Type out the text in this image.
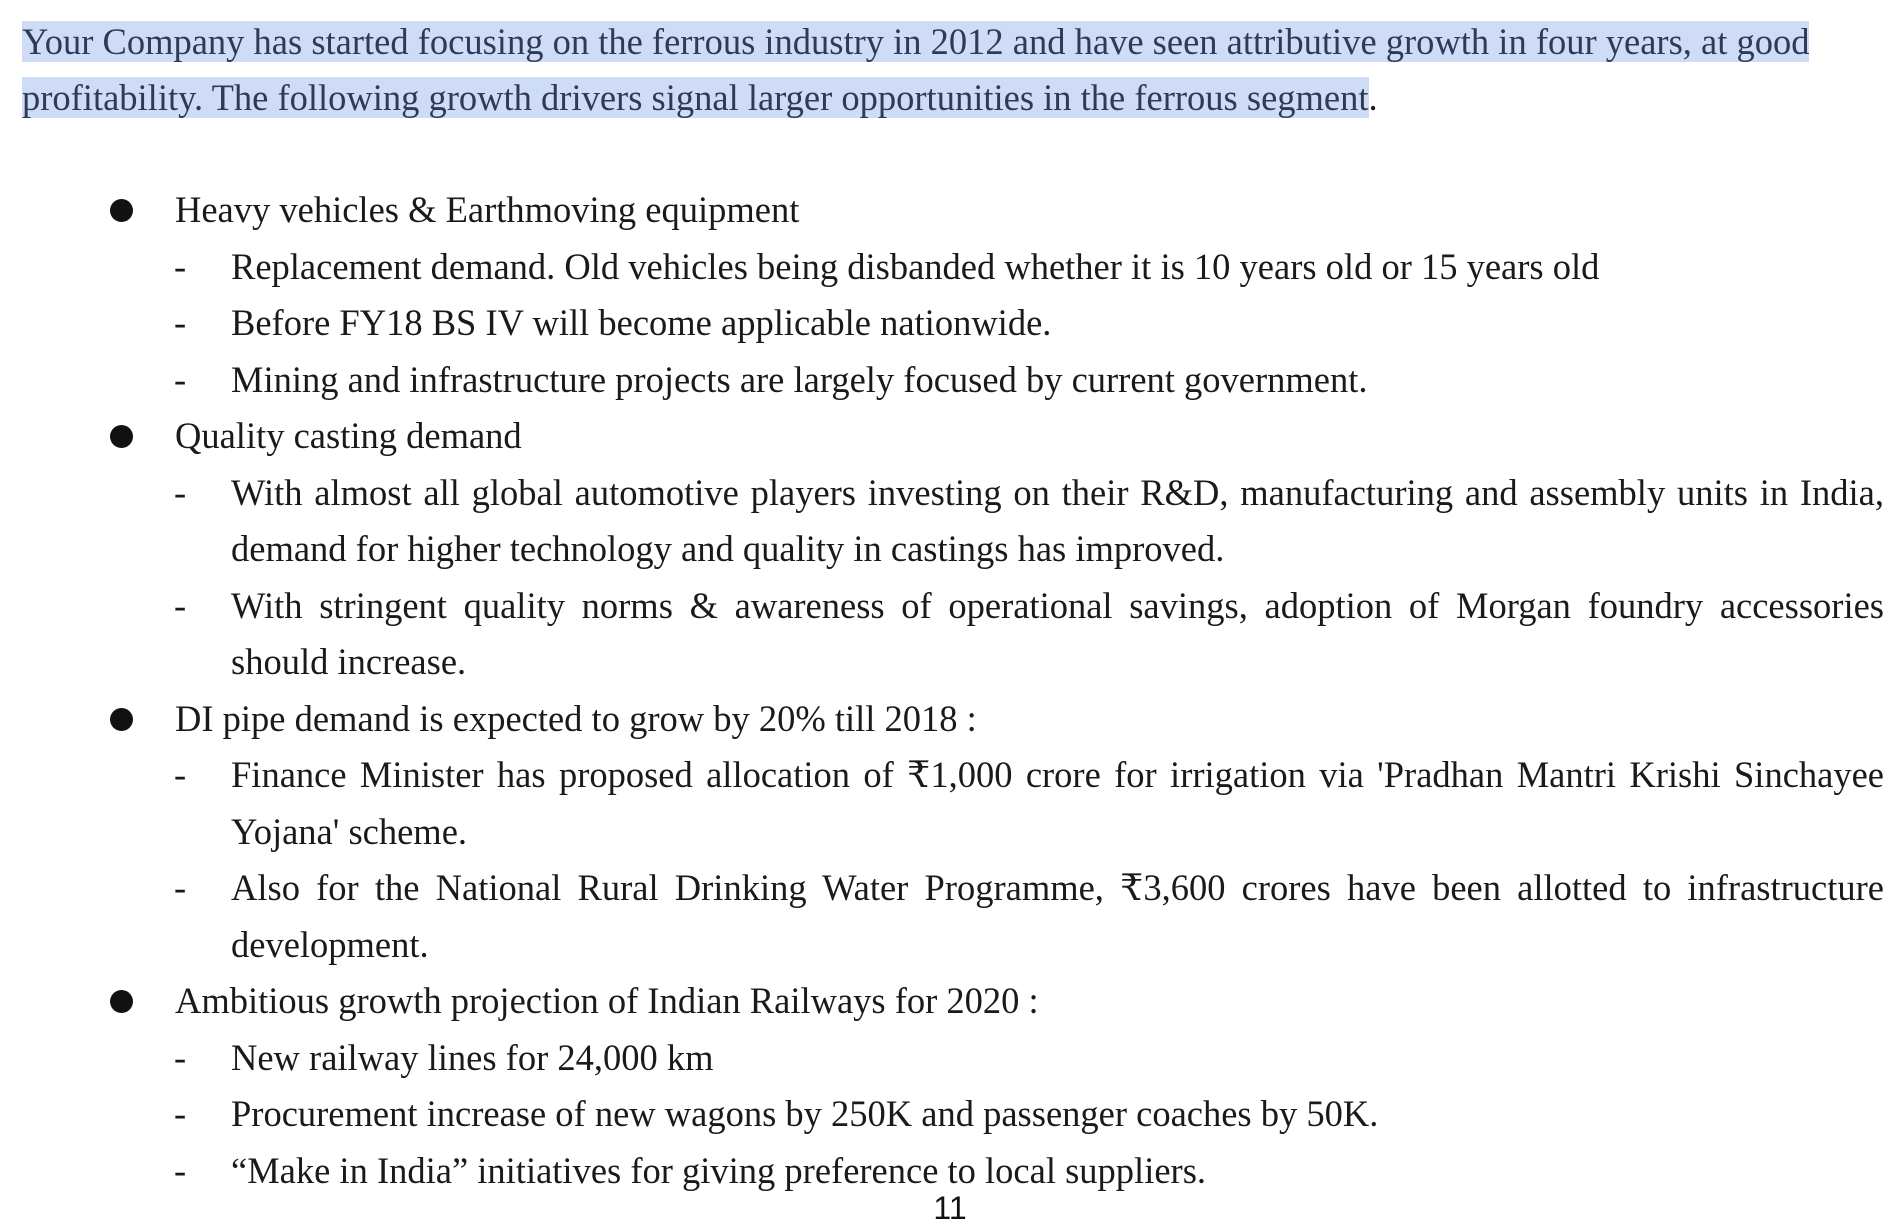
Your Company has started focusing on the ferrous industry in 2012 and have seen attributive growth in four years, at good profitability. The following growth drivers signal larger opportunities in the ferrous segment.

Heavy vehicles & Earthmoving equipment
- Replacement demand. Old vehicles being disbanded whether it is 10 years old or 15 years old
- Before FY18 BS IV will become applicable nationwide.
- Mining and infrastructure projects are largely focused by current government.
Quality casting demand
- With almost all global automotive players investing on their R&D, manufacturing and assembly units in India, demand for higher technology and quality in castings has improved.
- With stringent quality norms & awareness of operational savings, adoption of Morgan foundry accessories should increase.
DI pipe demand is expected to grow by 20% till 2018 :
- Finance Minister has proposed allocation of ₹1,000 crore for irrigation via 'Pradhan Mantri Krishi Sinchayee Yojana' scheme.
- Also for the National Rural Drinking Water Programme, ₹3,600 crores have been allotted to infrastructure development.
Ambitious growth projection of Indian Railways for 2020 :
- New railway lines for 24,000 km
- Procurement increase of new wagons by 250K and passenger coaches by 50K.
- “Make in India” initiatives for giving preference to local suppliers.
11
